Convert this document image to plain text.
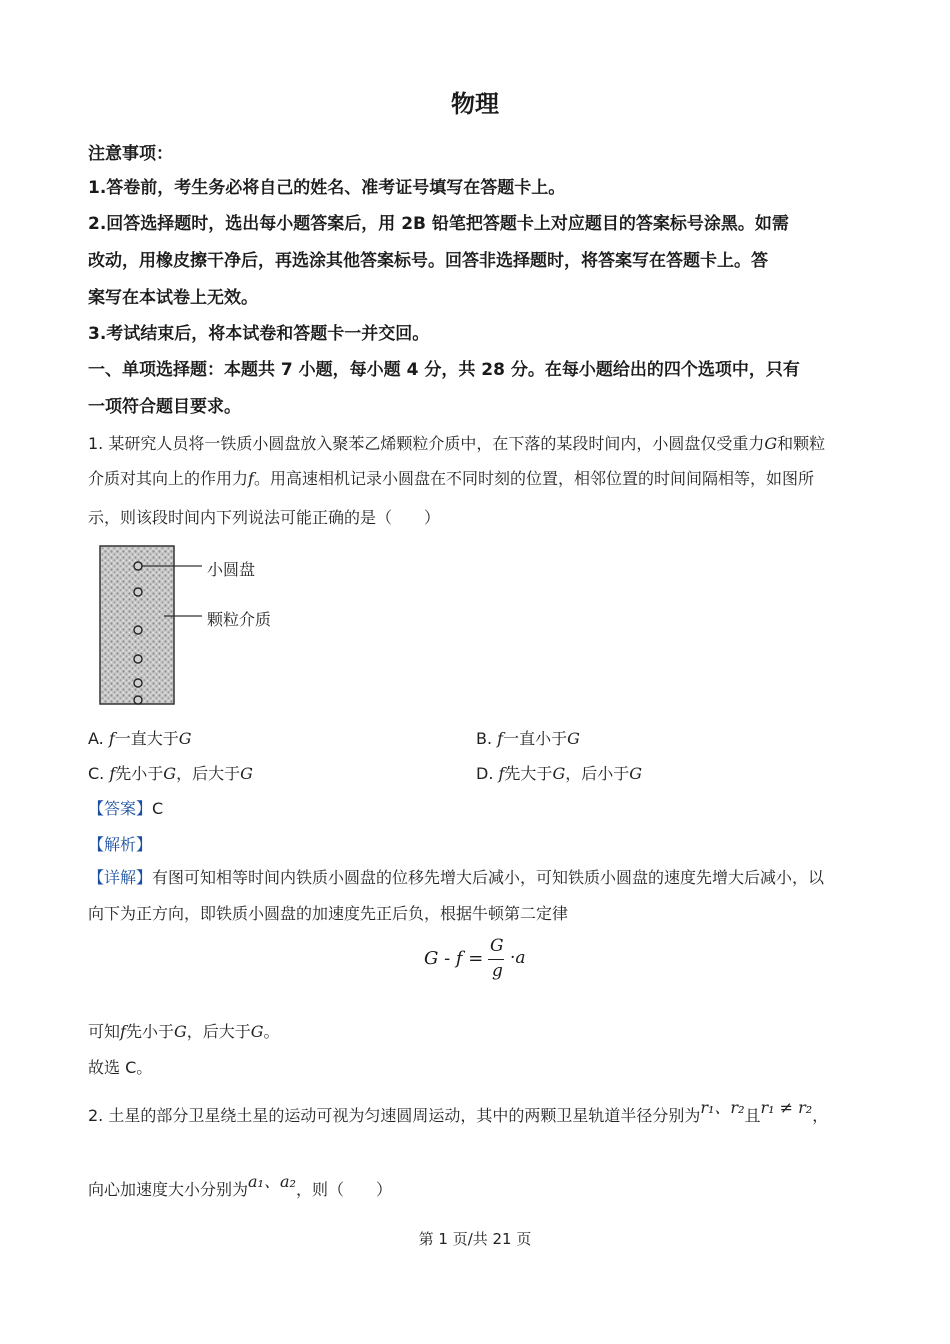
物理
注意事项：
1.答卷前，考生务必将自己的姓名、准考证号填写在答题卡上。
2.回答选择题时，选出每小题答案后，用 2B 铅笔把答题卡上对应题目的答案标号涂黑。如需
改动，用橡皮擦干净后，再选涂其他答案标号。回答非选择题时，将答案写在答题卡上。答
案写在本试卷上无效。
3.考试结束后，将本试卷和答题卡一并交回。
一、单项选择题：本题共 7 小题，每小题 4 分，共 28 分。在每小题给出的四个选项中，只有
一项符合题目要求。
1. 某研究人员将一铁质小圆盘放入聚苯乙烯颗粒介质中，在下落的某段时间内，小圆盘仅受重力G和颗粒
介质对其向上的作用力f。用高速相机记录小圆盘在不同时刻的位置，相邻位置的时间间隔相等，如图所
示，则该段时间内下列说法可能正确的是（　　）
小圆盘
颗粒介质
A. f一直大于G	B. f一直小于G
C. f先小于G，后大于G	D. f先大于G，后小于G
【答案】C
【解析】
【详解】有图可知相等时间内铁质小圆盘的位移先增大后减小，可知铁质小圆盘的速度先增大后减小，以
向下为正方向，即铁质小圆盘的加速度先正后负，根据牛顿第二定律
G - f =
G
g
·a
可知f先小于G，后大于G。
故选 C。
2. 土星的部分卫星绕土星的运动可视为匀速圆周运动，其中的两颗卫星轨道半径分别为r₁、r₂且r₁ ≠ r₂，
向心加速度大小分别为a₁、a₂，则（　　）
第 1 页/共 21 页
